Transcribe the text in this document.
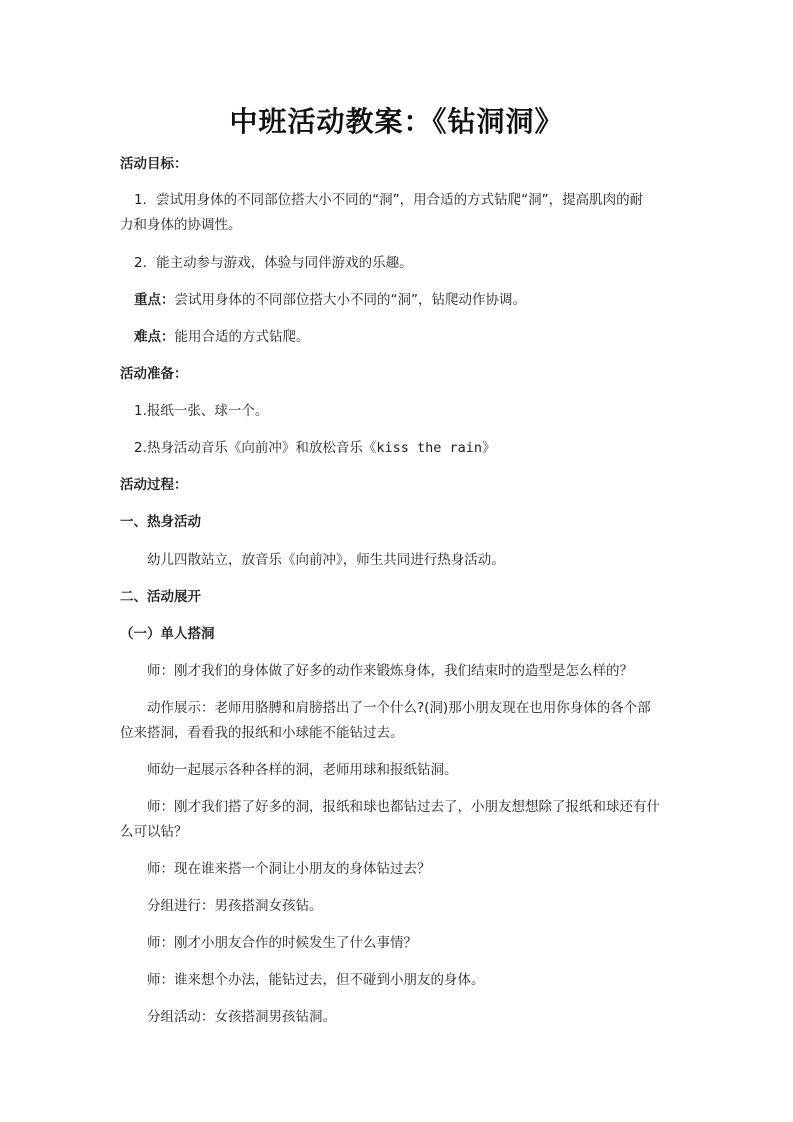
中班活动教案：《钻洞洞》
活动目标：
1．尝试用身体的不同部位搭大小不同的“洞”，用合适的方式钻爬“洞”，提高肌肉的耐
力和身体的协调性。
2．能主动参与游戏，体验与同伴游戏的乐趣。
重点：尝试用身体的不同部位搭大小不同的“洞”，钻爬动作协调。
难点：能用合适的方式钻爬。
活动准备：
1.报纸一张、球一个。
2.热身活动音乐《向前冲》和放松音乐《kiss the rain》
活动过程：
一、热身活动
幼儿四散站立，放音乐《向前冲》，师生共同进行热身活动。
二、活动展开
（一）单人搭洞
师：刚才我们的身体做了好多的动作来锻炼身体，我们结束时的造型是怎么样的？
动作展示：老师用胳膊和肩膀搭出了一个什么?(洞)那小朋友现在也用你身体的各个部
位来搭洞，看看我的报纸和小球能不能钻过去。
师幼一起展示各种各样的洞，老师用球和报纸钻洞。
师：刚才我们搭了好多的洞，报纸和球也都钻过去了，小朋友想想除了报纸和球还有什
么可以钻？
师：现在谁来搭一个洞让小朋友的身体钻过去？
分组进行：男孩搭洞女孩钻。
师：刚才小朋友合作的时候发生了什么事情？
师：谁来想个办法，能钻过去，但不碰到小朋友的身体。
分组活动：女孩搭洞男孩钻洞。
